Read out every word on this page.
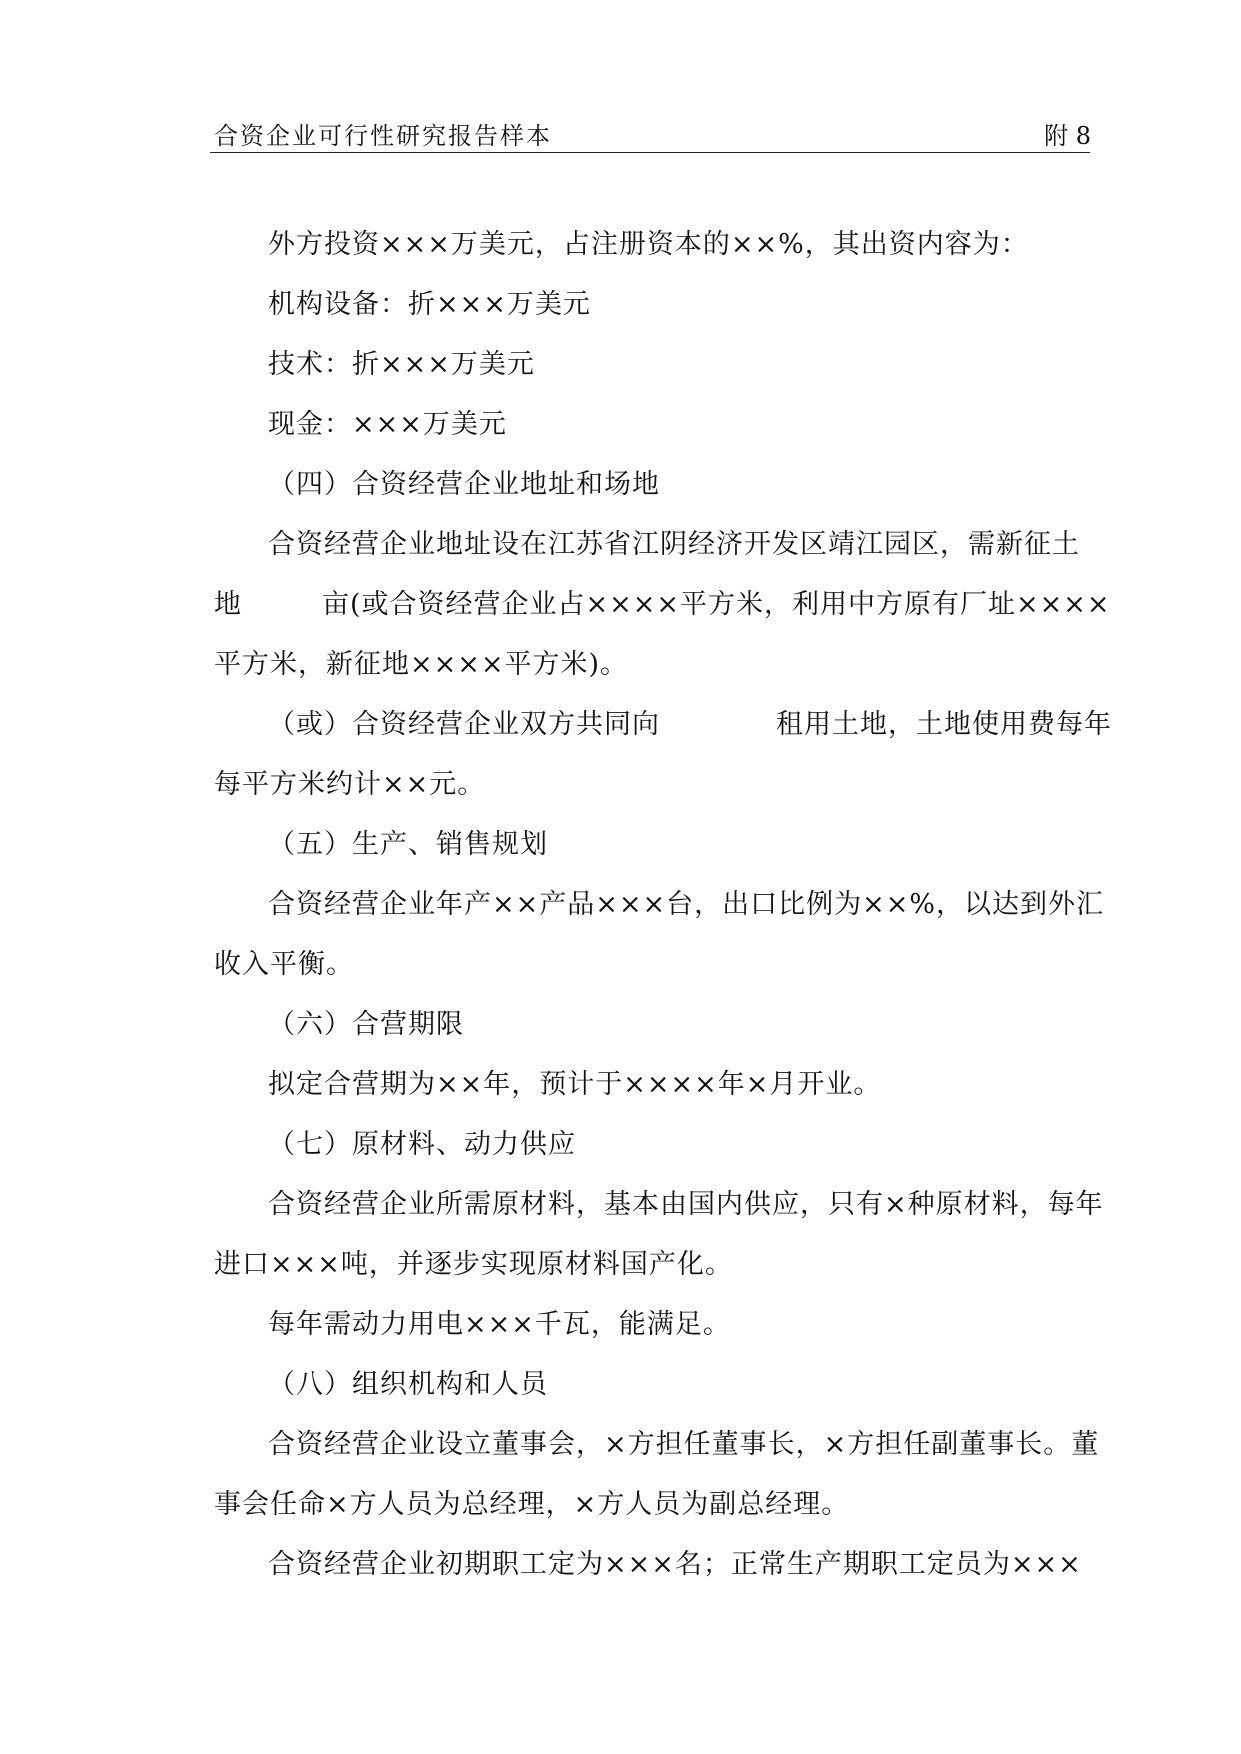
合资企业可行性研究报告样本	附 8
外方投资×××万美元，占注册资本的××%，其出资内容为：
机构设备：折×××万美元
技术：折×××万美元
现金：×××万美元
（四）合资经营企业地址和场地
合资经营企业地址设在江苏省江阴经济开发区靖江园区，需新征土
地	亩(或合资经营企业占××××平方米，利用中方原有厂址××××
平方米，新征地××××平方米)。
（或）合资经营企业双方共同向	租用土地，土地使用费每年
每平方米约计××元。
（五）生产、销售规划
合资经营企业年产××产品×××台，出口比例为××%，以达到外汇
收入平衡。
（六）合营期限
拟定合营期为××年，预计于××××年×月开业。
（七）原材料、动力供应
合资经营企业所需原材料，基本由国内供应，只有×种原材料，每年
进口×××吨，并逐步实现原材料国产化。
每年需动力用电×××千瓦，能满足。
（八）组织机构和人员
合资经营企业设立董事会，×方担任董事长，×方担任副董事长。董
事会任命×方人员为总经理，×方人员为副总经理。
合资经营企业初期职工定为×××名；正常生产期职工定员为×××
